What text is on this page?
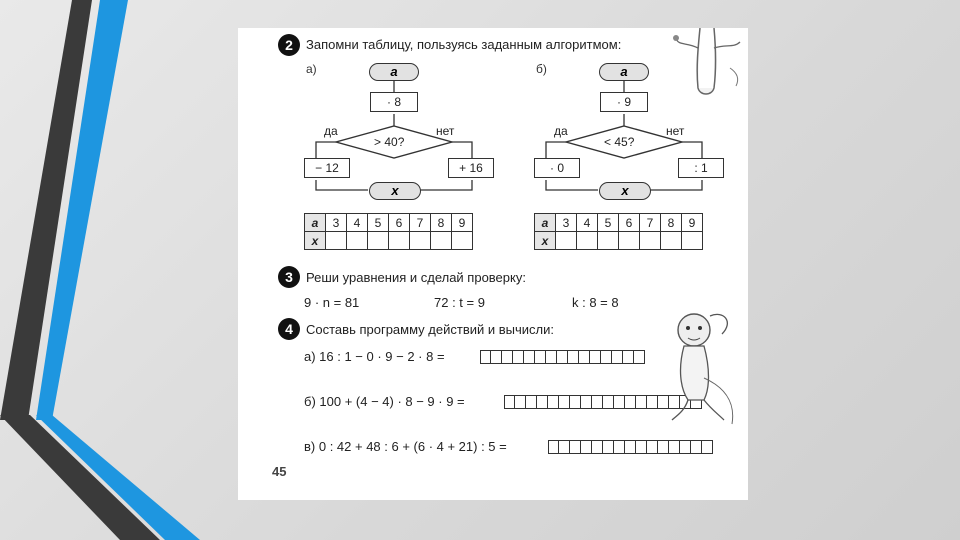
2	Запомни таблицу, пользуясь заданным алгоритмом:
а)	a
· 8
> 40?
да	нет
− 12	+ 16
x
a	3	4	5	6	7	8	9
x							
б)	a
· 9
< 45?
да	нет
· 0	: 1
x
a	3	4	5	6	7	8	9
x							
3	Реши уравнения и сделай проверку:
9 · n = 81	72 : t = 9	k : 8 = 8
4	Составь программу действий и вычисли:
а) 16 : 1 − 0 · 9 − 2 · 8 =
б) 100 + (4 − 4) · 8 − 9 · 9 =
в) 0 : 42 + 48 : 6 + (6 · 4 + 21) : 5 =
45
